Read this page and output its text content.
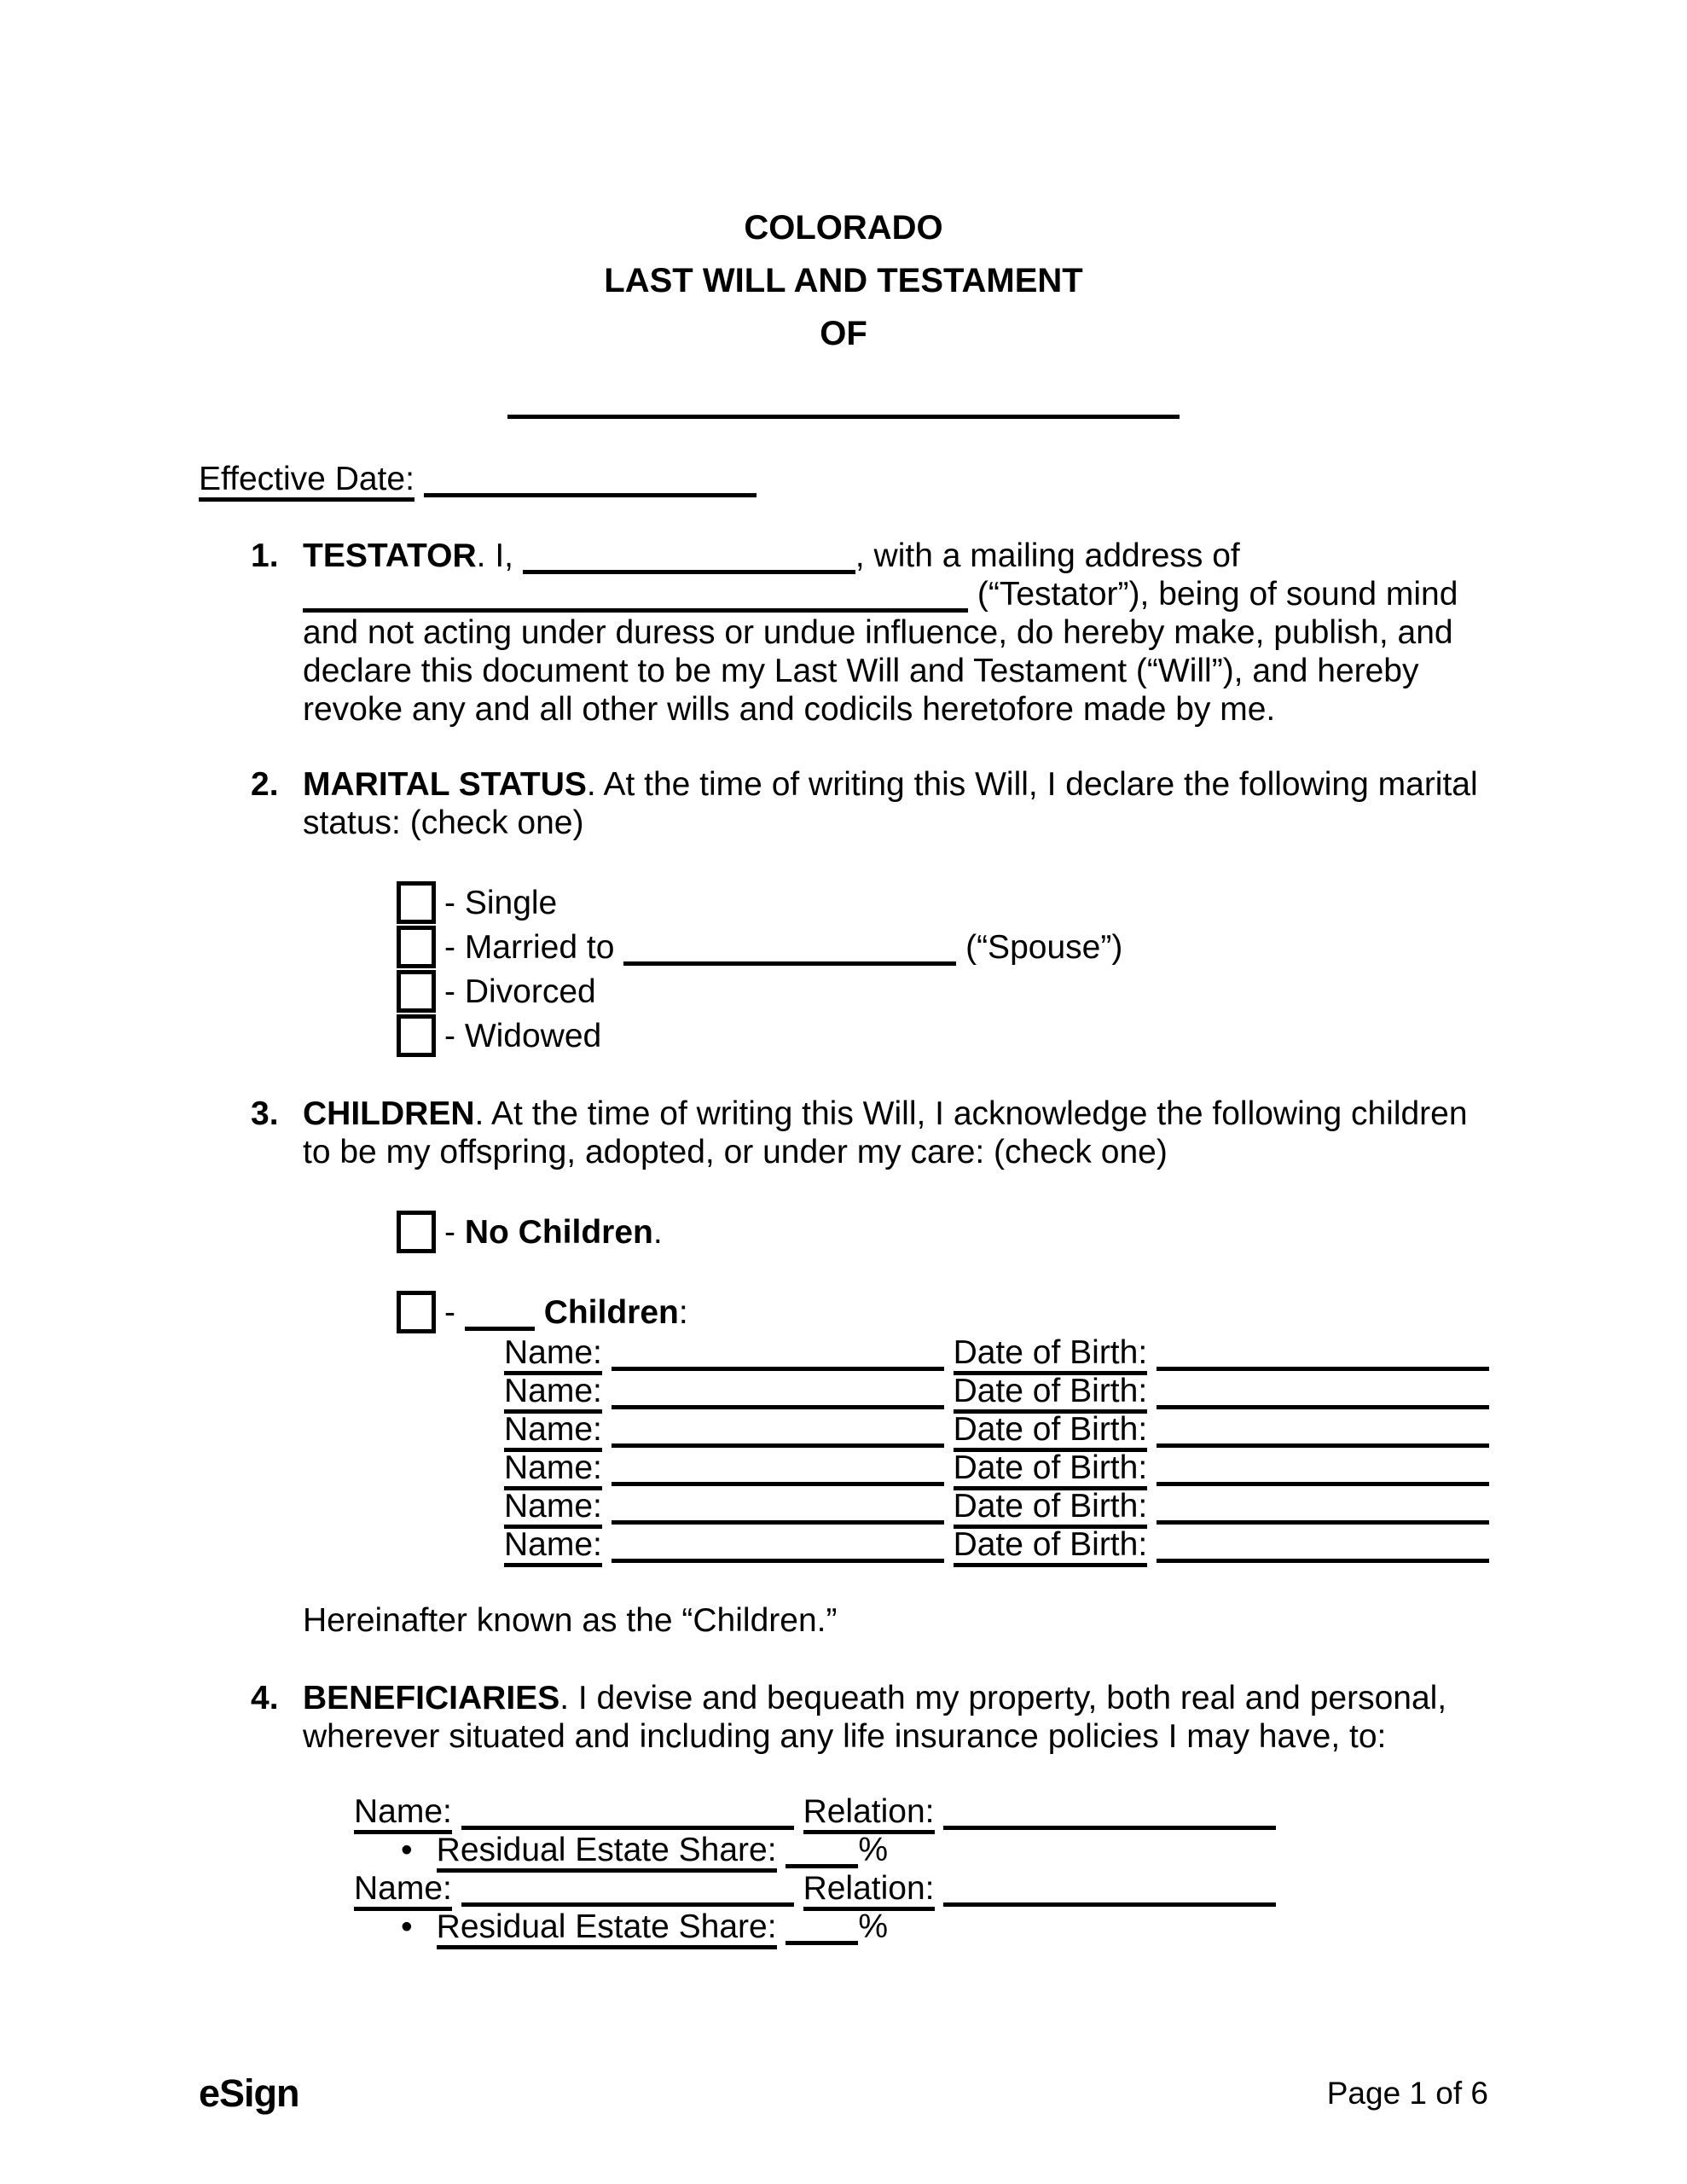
COLORADO
LAST WILL AND TESTAMENT
OF
Effective Date:
1. TESTATOR. I,	, with a mailing address of  (“Testator”), being of sound mind and not acting under duress or undue influence, do hereby make, publish, and declare this document to be my Last Will and Testament (“Will”), and hereby revoke any and all other wills and codicils heretofore made by me.

2. MARITAL STATUS. At the time of writing this Will, I declare the following marital status: (check one)

- Single
- Married to	(“Spouse”)
- Divorced
- Widowed
3. CHILDREN. At the time of writing this Will, I acknowledge the following children to be my offspring, adopted, or under my care: (check one)

- No Children.
-	Children:
Name:	Date of Birth:
Name:	Date of Birth:
Name:	Date of Birth:
Name:	Date of Birth:
Name:	Date of Birth:
Name:	Date of Birth:

Hereinafter known as the “Children.”

4. BENEFICIARIES. I devise and bequeath my property, both real and personal, wherever situated and including any life insurance policies I may have, to:

Name:	Relation:
• Residual Estate Share: %
Name:	Relation:
• Residual Estate Share: %
eSign	Page 1 of 6
